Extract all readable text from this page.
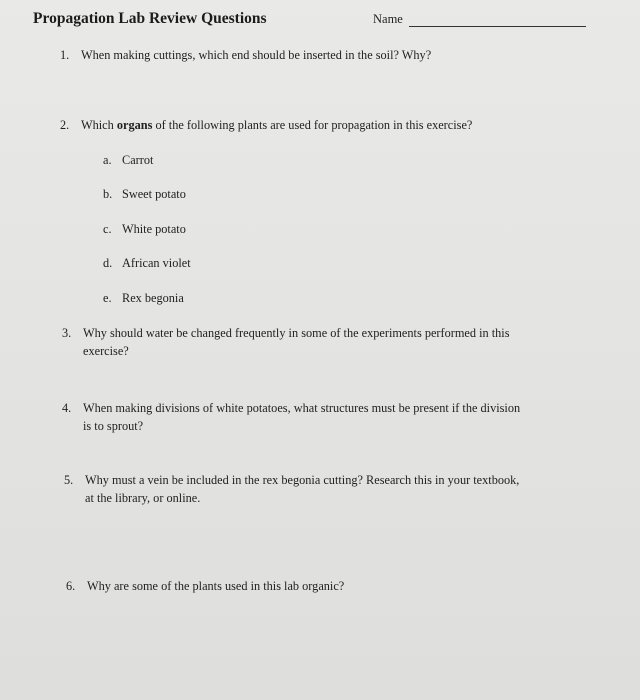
Propagation Lab Review Questions	Name
1. When making cuttings, which end should be inserted in the soil? Why?
2. Which organs of the following plants are used for propagation in this exercise?
a. Carrot
b. Sweet potato
c. White potato
d. African violet
e. Rex begonia
3. Why should water be changed frequently in some of the experiments performed in this
exercise?
4. When making divisions of white potatoes, what structures must be present if the division
is to sprout?
5. Why must a vein be included in the rex begonia cutting? Research this in your textbook,
at the library, or online.
6. Why are some of the plants used in this lab organic?
